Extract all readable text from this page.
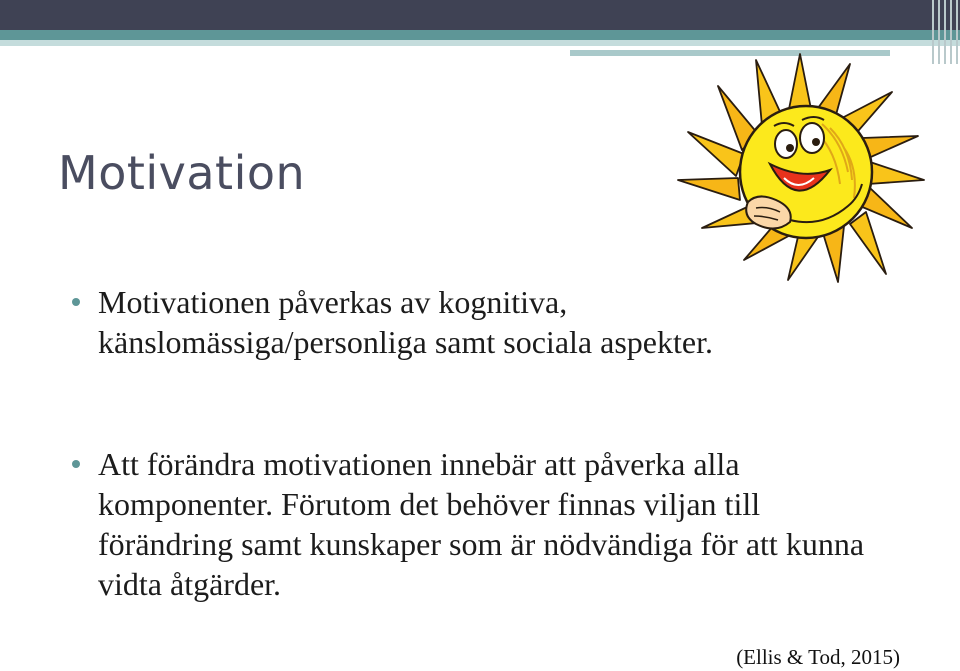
Motivation
Motivationen påverkas av kognitiva, känslomässiga/personliga samt sociala aspekter.
Att förändra motivationen innebär att påverka alla komponenter. Förutom det behöver finnas viljan till förändring samt kunskaper som är nödvändiga för att kunna vidta åtgärder.
(Ellis & Tod, 2015)
